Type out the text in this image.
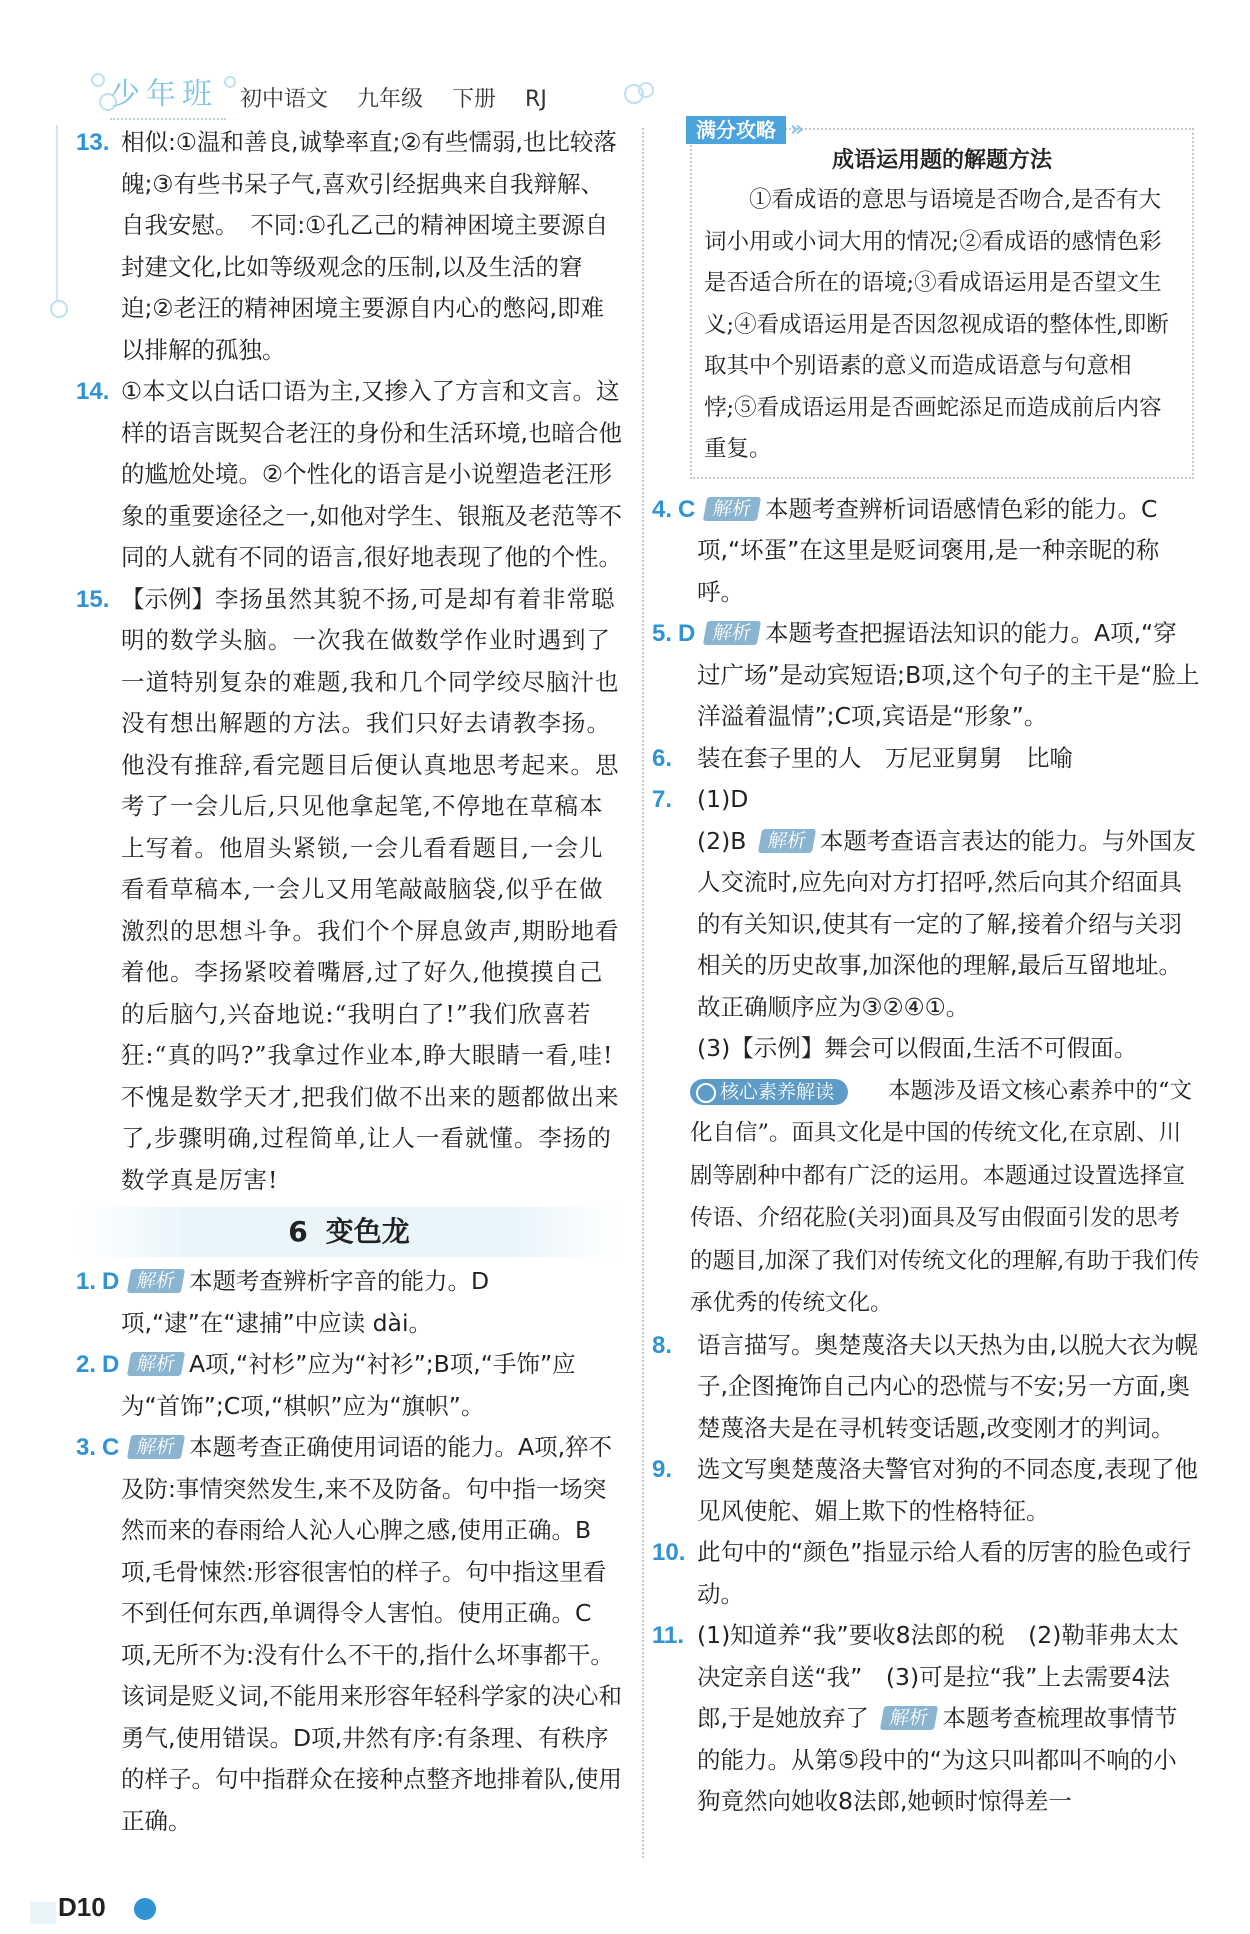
少年班	初中语文 九年级 下册 RJ
13. 相似:①温和善良,诚挚率直;②有些懦弱,也比较落魄;③有些书呆子气,喜欢引经据典来自我辩解、自我安慰。　不同:①孔乙己的精神困境主要源自封建文化,比如等级观念的压制,以及生活的窘迫;②老汪的精神困境主要源自内心的憋闷,即难以排解的孤独。
14. ①本文以白话口语为主,又掺入了方言和文言。这样的语言既契合老汪的身份和生活环境,也暗合他的尴尬处境。②个性化的语言是小说塑造老汪形象的重要途径之一,如他对学生、银瓶及老范等不同的人就有不同的语言,很好地表现了他的个性。
15. 【示例】李扬虽然其貌不扬,可是却有着非常聪明的数学头脑。一次我在做数学作业时遇到了一道特别复杂的难题,我和几个同学绞尽脑汁也没有想出解题的方法。我们只好去请教李扬。他没有推辞,看完题目后便认真地思考起来。思考了一会儿后,只见他拿起笔,不停地在草稿本上写着。他眉头紧锁,一会儿看看题目,一会儿看看草稿本,一会儿又用笔敲敲脑袋,似乎在做激烈的思想斗争。我们个个屏息敛声,期盼地看着他。李扬紧咬着嘴唇,过了好久,他摸摸自己的后脑勺,兴奋地说:“我明白了!”我们欣喜若狂:“真的吗?”我拿过作业本,睁大眼睛一看,哇!不愧是数学天才,把我们做不出来的题都做出来了,步骤明确,过程简单,让人一看就懂。李扬的数学真是厉害!
6 变色龙
1. D 解析 本题考查辨析字音的能力。D项,“逮”在“逮捕”中应读 dài。
2. D 解析 A项,“衬杉”应为“衬衫”;B项,“手饰”应为“首饰”;C项,“棋帜”应为“旗帜”。
3. C 解析 本题考查正确使用词语的能力。A项,猝不及防:事情突然发生,来不及防备。句中指一场突然而来的春雨给人沁人心脾之感,使用正确。B项,毛骨悚然:形容很害怕的样子。句中指这里看不到任何东西,单调得令人害怕。使用正确。C项,无所不为:没有什么不干的,指什么坏事都干。该词是贬义词,不能用来形容年轻科学家的决心和勇气,使用错误。D项,井然有序:有条理、有秩序的样子。句中指群众在接种点整齐地排着队,使用正确。
满分攻略 »
成语运用题的解题方法
①看成语的意思与语境是否吻合,是否有大词小用或小词大用的情况;②看成语的感情色彩是否适合所在的语境;③看成语运用是否望文生义;④看成语运用是否因忽视成语的整体性,即断取其中个别语素的意义而造成语意与句意相悖;⑤看成语运用是否画蛇添足而造成前后内容重复。
4. C 解析 本题考查辨析词语感情色彩的能力。C项,“坏蛋”在这里是贬词褒用,是一种亲昵的称呼。
5. D 解析 本题考查把握语法知识的能力。A项,“穿过广场”是动宾短语;B项,这个句子的主干是“脸上洋溢着温情”;C项,宾语是“形象”。
6. 装在套子里的人　万尼亚舅舅　比喻
7. (1)D
(2)B 解析 本题考查语言表达的能力。与外国友人交流时,应先向对方打招呼,然后向其介绍面具的有关知识,使其有一定的了解,接着介绍与关羽相关的历史故事,加深他的理解,最后互留地址。故正确顺序应为③②④①。
(3)【示例】舞会可以假面,生活不可假面。
核心素养解读 本题涉及语文核心素养中的“文化自信”。面具文化是中国的传统文化,在京剧、川剧等剧种中都有广泛的运用。本题通过设置选择宣传语、介绍花脸(关羽)面具及写由假面引发的思考的题目,加深了我们对传统文化的理解,有助于我们传承优秀的传统文化。
8. 语言描写。奥楚蔑洛夫以天热为由,以脱大衣为幌子,企图掩饰自己内心的恐慌与不安;另一方面,奥楚蔑洛夫是在寻机转变话题,改变刚才的判词。
9. 选文写奥楚蔑洛夫警官对狗的不同态度,表现了他见风使舵、媚上欺下的性格特征。
10. 此句中的“颜色”指显示给人看的厉害的脸色或行动。
11. (1)知道养“我”要收8法郎的税　(2)勒菲弗太太决定亲自送“我”　(3)可是拉“我”上去需要4法郎,于是她放弃了 解析 本题考查梳理故事情节的能力。从第⑤段中的“为这只叫都叫不响的小狗竟然向她收8法郎,她顿时惊得差一
D10
